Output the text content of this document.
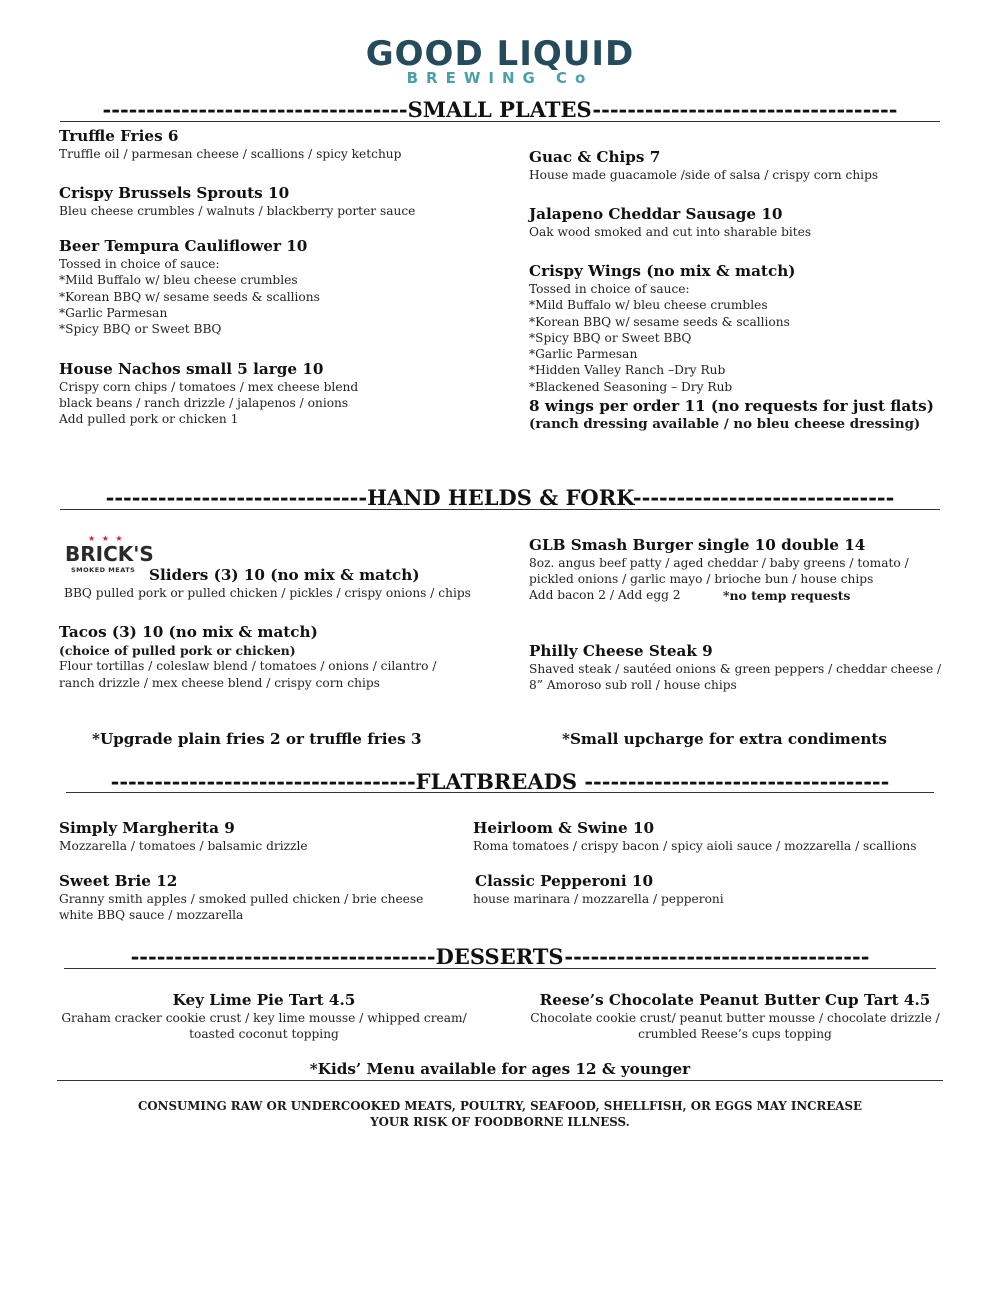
GOOD LIQUID
BREWING Co
-----------------------------------SMALL PLATES-----------------------------------
Truffle Fries 6
Truffle oil / parmesan cheese / scallions / spicy ketchup
Crispy Brussels Sprouts 10
Bleu cheese crumbles / walnuts / blackberry porter sauce
Beer Tempura Cauliflower 10
Tossed in choice of sauce:
*Mild Buffalo w/ bleu cheese crumbles
*Korean BBQ w/ sesame seeds & scallions
*Garlic Parmesan
*Spicy BBQ or Sweet BBQ
House Nachos small 5 large 10
Crispy corn chips / tomatoes / mex cheese blend
black beans / ranch drizzle / jalapenos / onions
Add pulled pork or chicken 1
Guac & Chips 7
House made guacamole /side of salsa / crispy corn chips
Jalapeno Cheddar Sausage 10
Oak wood smoked and cut into sharable bites
Crispy Wings (no mix & match)
Tossed in choice of sauce:
*Mild Buffalo w/ bleu cheese crumbles
*Korean BBQ w/ sesame seeds & scallions
*Spicy BBQ or Sweet BBQ
*Garlic Parmesan
*Hidden Valley Ranch –Dry Rub
*Blackened Seasoning – Dry Rub
8 wings per order 11 (no requests for just flats)
(ranch dressing available / no bleu cheese dressing)
------------------------------HAND HELDS & FORK------------------------------
★ ★ ★
BRICK'S
SMOKED MEATS Sliders (3) 10 (no mix & match)
BBQ pulled pork or pulled chicken / pickles / crispy onions / chips
Tacos (3) 10 (no mix & match)
(choice of pulled pork or chicken)
Flour tortillas / coleslaw blend / tomatoes / onions / cilantro /
ranch drizzle / mex cheese blend / crispy corn chips
GLB Smash Burger single 10 double 14
8oz. angus beef patty / aged cheddar / baby greens / tomato /
pickled onions / garlic mayo / brioche bun / house chips
Add bacon 2 / Add egg 2	*no temp requests
Philly Cheese Steak 9
Shaved steak / sautéed onions & green peppers / cheddar cheese /
8” Amoroso sub roll / house chips
*Upgrade plain fries 2 or truffle fries 3	*Small upcharge for extra condiments
-----------------------------------FLATBREADS -----------------------------------
Simply Margherita 9
Mozzarella / tomatoes / balsamic drizzle
Heirloom & Swine 10
Roma tomatoes / crispy bacon / spicy aioli sauce / mozzarella / scallions
Sweet Brie 12
Granny smith apples / smoked pulled chicken / brie cheese
white BBQ sauce / mozzarella
Classic Pepperoni 10
house marinara / mozzarella / pepperoni
-----------------------------------DESSERTS-----------------------------------
Key Lime Pie Tart 4.5
Graham cracker cookie crust / key lime mousse / whipped cream/
toasted coconut topping
Reese’s Chocolate Peanut Butter Cup Tart 4.5
Chocolate cookie crust/ peanut butter mousse / chocolate drizzle /
crumbled Reese’s cups topping
*Kids’ Menu available for ages 12 & younger
CONSUMING RAW OR UNDERCOOKED MEATS, POULTRY, SEAFOOD, SHELLFISH, OR EGGS MAY INCREASE
YOUR RISK OF FOODBORNE ILLNESS.
